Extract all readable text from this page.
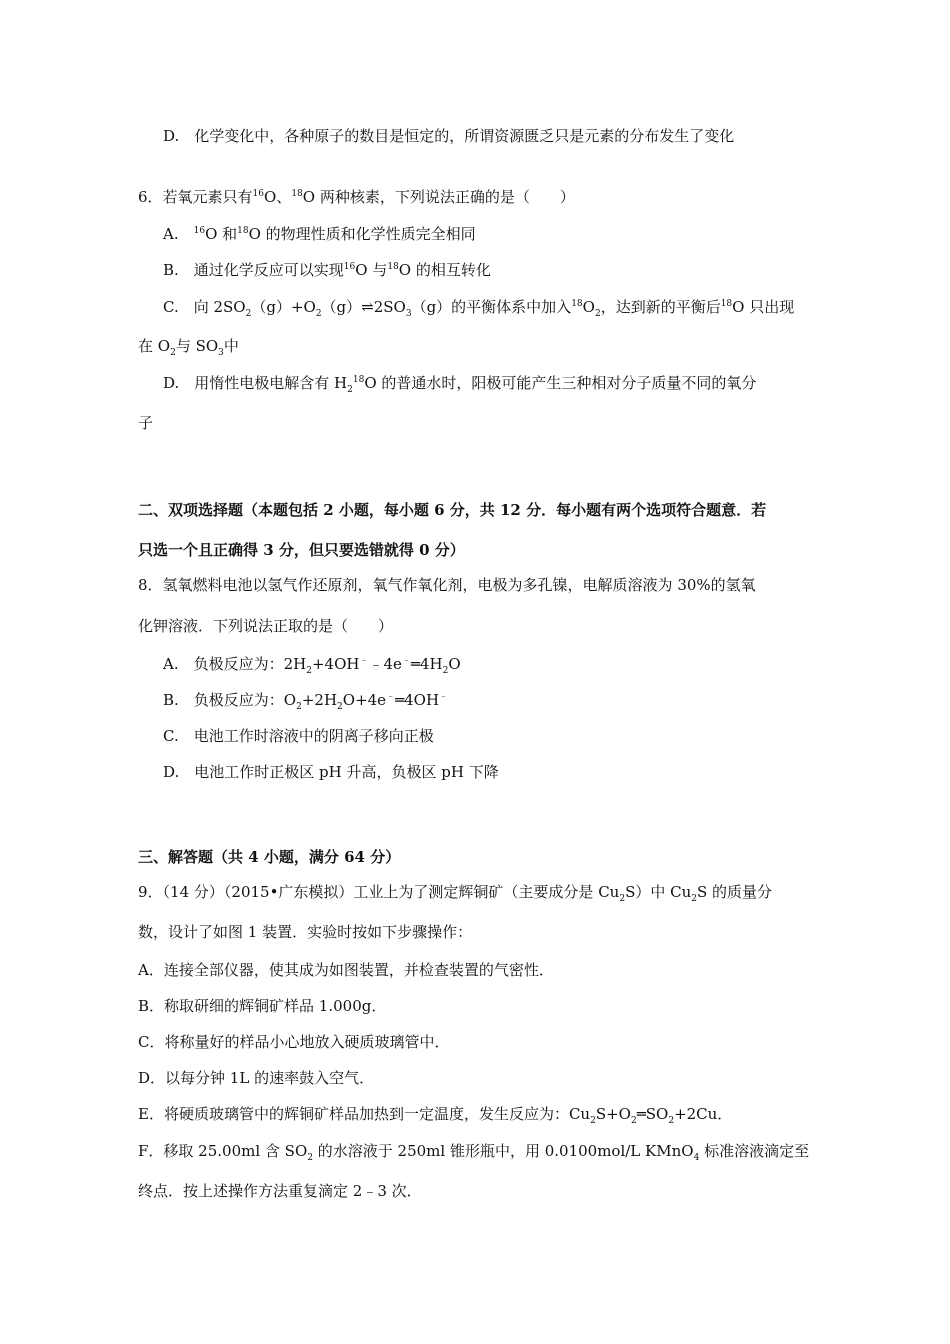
D.　化学变化中，各种原子的数目是恒定的，所谓资源匮乏只是元素的分布发生了变化
6．若氧元素只有$^{16}$O、$^{18}$O 两种核素，下列说法正确的是（　　）
A.　$^{16}$O 和$^{18}$O 的物理性质和化学性质完全相同
B.　通过化学反应可以实现$^{16}$O 与$^{18}$O 的相互转化
C.　向 $2SO_2(g)+O_2(g)\rightleftharpoons 2SO_3(g)$的平衡体系中加入$^{18}O_2$，达到新的平衡后$^{18}$O 只出现
在 $O_2$与 $SO_3$中
D.　用惰性电极电解含有 $H_2^{18}O$ 的普通水时，阳极可能产生三种相对分子质量不同的氧分
子
二、双项选择题（本题包括 2 小题，每小题 6 分，共 12 分．每小题有两个选项符合题意．若
只选一个且正确得 3 分，但只要选错就得 0 分）
8．氢氧燃料电池以氢气作还原剂，氧气作氧化剂，电极为多孔镍，电解质溶液为 30%的氢氧
化钾溶液．下列说法正取的是（　　）
A.　负极反应为：$2H_2+4OH^﹣﹣4e^﹣═4H_2O$
B.　负极反应为：$O_2+2H_2O+4e^﹣═4OH^﹣$
C.　电池工作时溶液中的阴离子移向正极
D.　电池工作时正极区 pH 升高，负极区 pH 下降
三、解答题（共 4 小题，满分 64 分）
9．（14 分）（2015•广东模拟）工业上为了测定辉铜矿（主要成分是 $Cu_2S$）中 $Cu_2S$ 的质量分
数，设计了如图 1 装置．实验时按如下步骤操作：
A．连接全部仪器，使其成为如图装置，并检查装置的气密性．
B．称取研细的辉铜矿样品 1.000g．
C．将称量好的样品小心地放入硬质玻璃管中．
D．以每分钟 1L 的速率鼓入空气．
E．将硬质玻璃管中的辉铜矿样品加热到一定温度，发生反应为：$Cu_2S+O_2═SO_2+2Cu$．
F．移取 25.00ml 含 $SO_2$ 的水溶液于 250ml 锥形瓶中，用 0.0100mol/L KMnO$_4$ 标准溶液滴定至
终点．按上述操作方法重复滴定 2﹣3 次．
